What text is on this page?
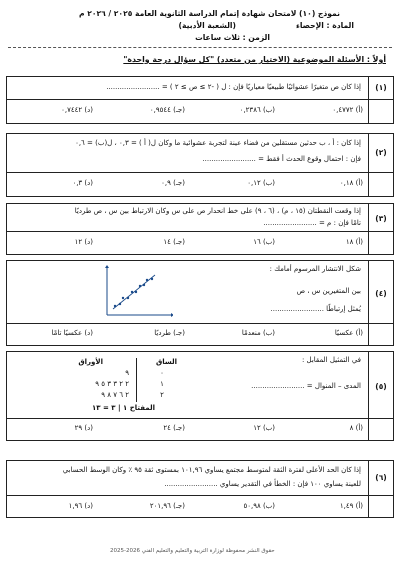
نموذج (١٠) لامتحان شهادة إتمام الدراسة الثانوية العامة ٢٠٢٥ / ٢٠٢٦ م
المادة : الإحصاء
(الشعبة الأدبية)
الزمن : ثلاث ساعات
أولاً : الأسئلة الموضوعية (الاختيار من متعدد) "كل سؤال درجة واحدة"
(١)
إذا كان ص متغيرًا عشوائيًا طبيعيًا معياريًا فإن : ل ( -٢ ≥ ص ≥ ٢ ) = ........................
(أ) ٠,٤٧٧٢
(ب) ٠,٢٣٨٦
(جـ) ٠,٩٥٤٤
(د) ٠,٧٤٤٢
(٢)
إذا كان : أ ، ب حدثين مستقلين من فضاء عينة لتجربة عشوائية ما وكان ل( أ ) = ٠,٣ ، ل(ب) = ٠,٦
فإن : احتمال وقوع الحدث أ فقط = ........................
(أ) ٠,١٨
(ب) ٠,١٢
(جـ) ٠,٩
(د) ٠,٣
(٣)
إذا وقعت النقطتان (١٥ ، م) ، (٦ ، ٩) على خط انحدار ص على س وكان الارتباط بين س ، ص طرديًا
تامًا فإن : م = ........................
(أ) ١٨
(ب) ١٦
(جـ) ١٤
(د) ١٢
(٤)
شكل الانتشار المرسوم أمامك :
بين المتغيرين س ، ص
يُمثل إرتباطًا ........................
(أ) عكسيًا
(ب) منعدمًا
(جـ) طرديًا
(د) عكسيًا تامًا
(٥)
في التمثيل المقابل :
المدى – المنوال = ........................
الساق
الأوراق
٠
٩
١
٢ ٢ ٣ ٣ ٥ ٩
٢
٢ ٦ ٧ ٨ ٩
المفتاح ١ | ٣ = ١٣
(أ) ٨
(ب) ١٢
(جـ) ٢٤
(د) ٢٩
(٦)
إذا كان الحد الأعلى لفترة الثقة لمتوسط مجتمع يساوي ١٠١,٩٦ بمستوى ثقة ٩٥ ٪ وكان الوسط الحسابي
للعينة يساوي ١٠٠ فإن : الخطأ في التقدير يساوي ........................
(أ) ١,٤٩
(ب) ٥٠,٩٨
(جـ) ٢٠١,٩٦
(د) ١,٩٦
حقوق النشر محفوظة لوزارة التربية والتعليم والتعليم الفني 2026-2025
